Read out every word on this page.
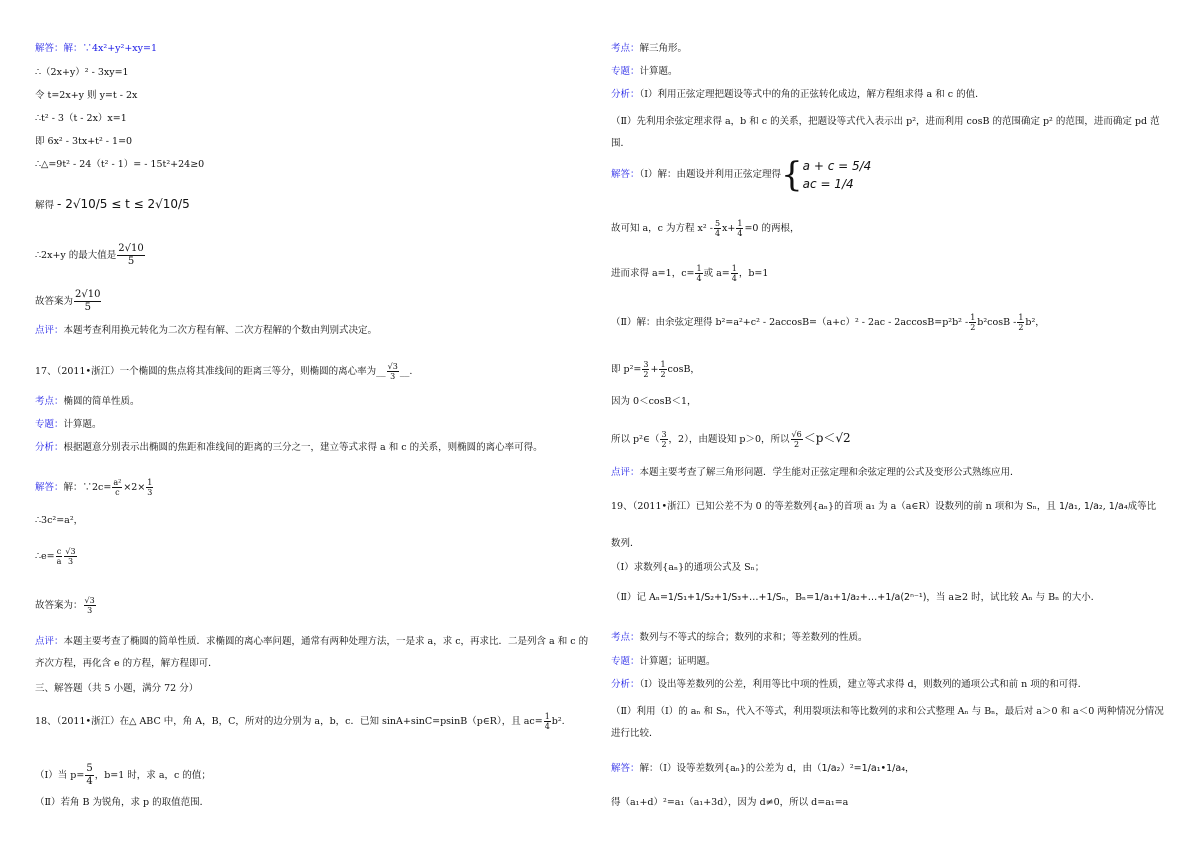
解答：解：∵4x²+y²+xy=1
∴（2x+y）² - 3xy=1
令 t=2x+y 则 y=t - 2x
∴t² - 3（t - 2x）x=1
即 6x² - 3tx+t² - 1=0
∴△=9t² - 24（t² - 1）= - 15t²+24≥0
解得 - 2√10/5 ≤ t ≤ 2√10/5
∴2x+y 的最大值是 $\frac{2√10}{5}$
故答案为 $\frac{2√10}{5}$
点评：本题考查利用换元转化为二次方程有解、二次方程解的个数由判别式决定。
17、（2011•浙江）一个椭圆的焦点将其准线间的距离三等分，则椭圆的离心率为__ $\frac{√3}{3}$ __.
考点：椭圆的简单性质。
专题：计算题。
分析：根据题意分别表示出椭圆的焦距和准线间的距离的三分之一，建立等式求得 a 和 c 的关系，则椭圆的离心率可得。
解答：解：∵2c= $\frac{\text{a²}}{c} \times 2\times \frac{1}{3}$
∴3c²=a²，
∴e= $\frac{c}{a} \frac{√3}{3}$
故答案为： $\frac{√3}{3}$
点评：本题主要考查了椭圆的简单性质．求椭圆的离心率问题，通常有两种处理方法，一是求 a，求 c，再求比．二是列含 a 和 c 的齐次方程，再化含 e 的方程，解方程即可．
三、解答题（共 5 小题，满分 72 分）
18、（2011•浙江）在△ ABC 中，角 A，B，C，所对的边分别为 a，b，c．已知 sinA+sinC=psinB（p∈R），且 $ac= \frac{1}{4} b^2$.
（Ⅰ）当 $p= \frac{5}{4}$ ，b=1 时，求 a，c 的值；
（Ⅱ）若角 B 为锐角，求 p 的取值范围．
考点：解三角形。
专题：计算题。
分析：（Ⅰ）利用正弦定理把题设等式中的角的正弦转化成边，解方程组求得 a 和 c 的值．
（Ⅱ）先利用余弦定理求得 a，b 和 c 的关系，把题设等式代入表示出 p²，进而利用 cosB 的范围确定 p² 的范围，进而确定 pd 范围．
解答：（Ⅰ）解：由题设并利用正弦定理得{ a + c = 5/4
ac = 1/4
故可知 a，c 为方程 $x^2 - \frac{5}{4} x+ \frac{1}{4} =0$ 的两根，
进而求得 a=1，$c= \frac{1}{4}$ 或 $a= \frac{1}{4}$ ，b=1
（Ⅱ）解：由余弦定理得 $b^2=a^2+c^2 - 2accosB=(a+c)^2 - 2ac - 2accosB=p^2b^2 - \frac{1}{2} b^2\cos B - \frac{1}{2} b^2$，
即 $p^2= \frac{3}{2} + \frac{1}{2}$ cosB，
因为 0＜cosB＜1，
所以 p²∈（ $\frac{3}{2}$ ，2），由题设知 p＞0，所以 $\frac{√6}{2} <p<√2$
点评：本题主要考查了解三角形问题．学生能对正弦定理和余弦定理的公式及变形公式熟练应用．
19、（2011•浙江）已知公差不为 0 的等差数列{aₙ}的首项 a₁ 为 a（a∈R）设数列的前 n 项和为 Sₙ，且 1/a₁, 1/a₂, 1/a₄成等比
数列．
（Ⅰ）求数列{aₙ}的通项公式及 Sₙ；
（Ⅱ）记 Aₙ=1/S₁+1/S₂+1/S₃+…+1/Sₙ，Bₙ=1/a₁+1/a₂+…+1/a(2ⁿ⁻¹)，当 a≥2 时，试比较 Aₙ 与 Bₙ 的大小．
考点：数列与不等式的综合；数列的求和；等差数列的性质。
专题：计算题；证明题。
分析：（Ⅰ）设出等差数列的公差，利用等比中项的性质，建立等式求得 d，则数列的通项公式和前 n 项的和可得．
（Ⅱ）利用（Ⅰ）的 aₙ 和 Sₙ，代入不等式，利用裂项法和等比数列的求和公式整理 Aₙ 与 Bₙ，最后对 a＞0 和 a＜0 两种情况分情况进行比较．
解答：解：（Ⅰ）设等差数列{aₙ}的公差为 d，由（1/a₂）²=1/a₁•1/a₄，
得（a₁+d）²=a₁（a₁+3d），因为 d≠0，所以 d=a₁=a
